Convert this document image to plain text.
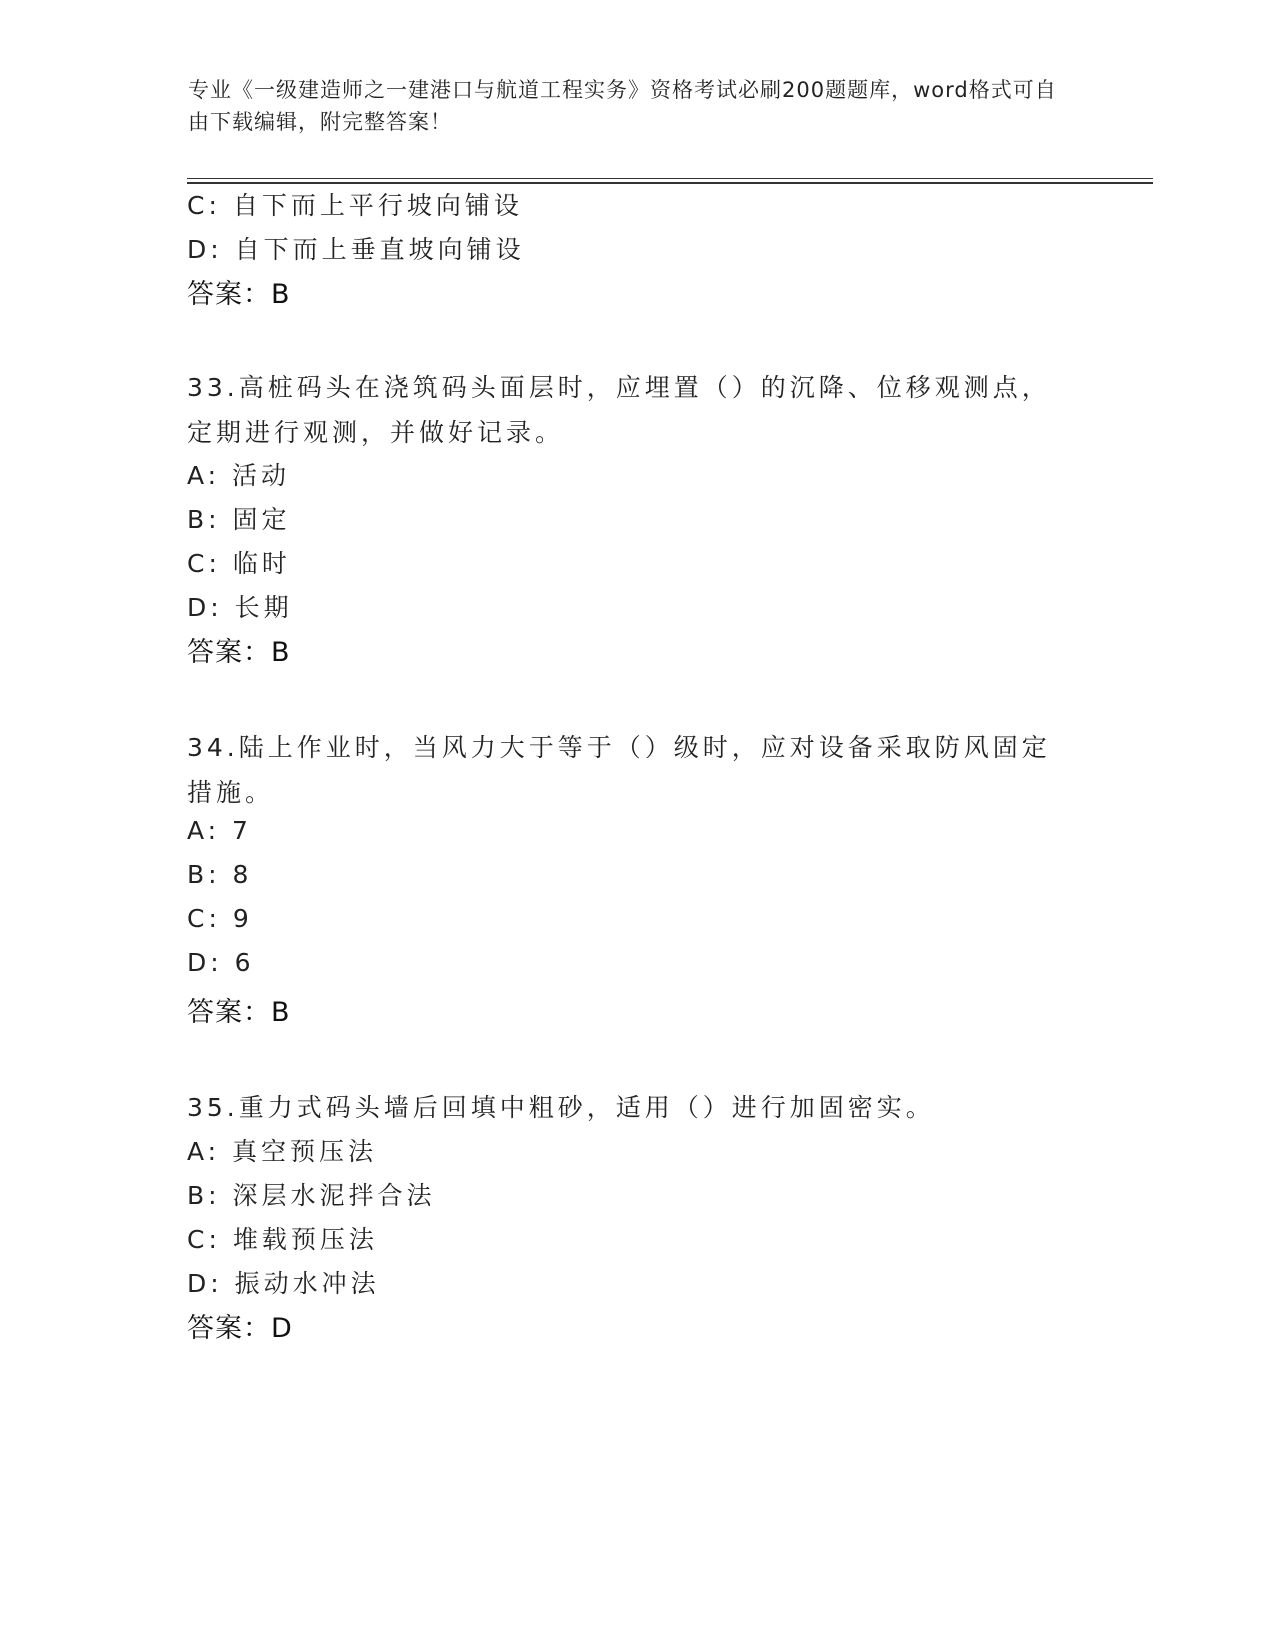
专业《一级建造师之一建港口与航道工程实务》资格考试必刷200题题库，word格式可自由下载编辑，附完整答案！
C: 自下而上平行坡向铺设
D: 自下而上垂直坡向铺设
答案：B
33.高桩码头在浇筑码头面层时，应埋置（）的沉降、位移观测点，定期进行观测，并做好记录。
A: 活动
B: 固定
C: 临时
D: 长期
答案：B
34.陆上作业时，当风力大于等于（）级时，应对设备采取防风固定措施。
A: 7
B: 8
C: 9
D: 6
答案：B
35.重力式码头墙后回填中粗砂，适用（）进行加固密实。
A: 真空预压法
B: 深层水泥拌合法
C: 堆载预压法
D: 振动水冲法
答案：D
